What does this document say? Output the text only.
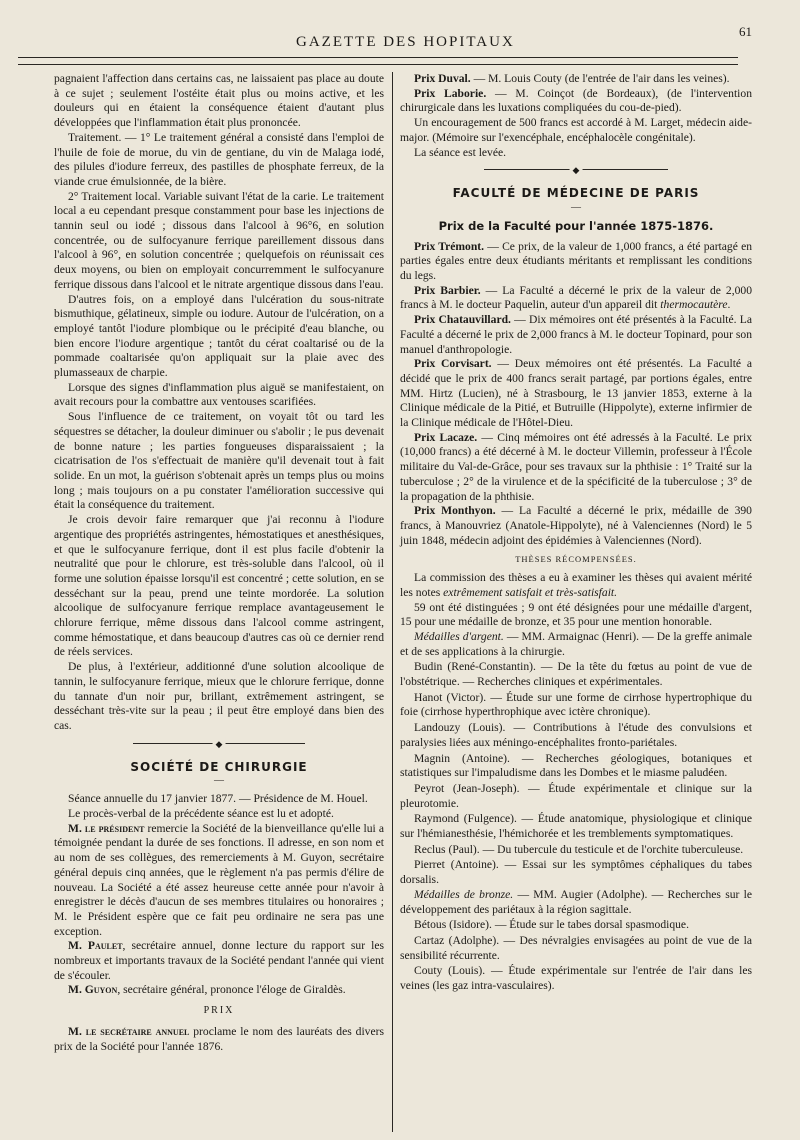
GAZETTE DES HOPITAUX
61

pagnaient l'affection dans certains cas, ne laissaient pas place au doute à ce sujet ; seulement l'ostéite était plus ou moins active, et les douleurs qui en étaient la conséquence étaient d'autant plus développées que l'inflammation était plus prononcée.

Traitement. — 1° Le traitement général a consisté dans l'emploi de l'huile de foie de morue, du vin de gentiane, du vin de Malaga iodé, des pilules d'iodure ferreux, des pastilles de phosphate ferreux, de la viande crue émulsionnée, de la bière.

2° Traitement local. Variable suivant l'état de la carie. Le traitement local a eu cependant presque constamment pour base les injections de tannin seul ou iodé ; dissous dans l'alcool à 96°6, en solution concentrée, ou de sulfocyanure ferrique pareillement dissous dans l'alcool à 96°, en solution concentrée ; quelquefois on réunissait ces deux moyens, ou bien on employait concurremment le sulfocyanure ferrique dissous dans l'alcool et le nitrate argentique dissous dans l'eau.

D'autres fois, on a employé dans l'ulcération du sous-nitrate bismuthique, gélatineux, simple ou iodure. Autour de l'ulcération, on a employé tantôt l'iodure plombique ou le précipité d'eau blanche, ou bien encore l'iodure argentique ; tantôt du cérat coaltarisé ou de la pommade coaltarisée qu'on appliquait sur la plaie avec des plumasseaux de charpie.

Lorsque des signes d'inflammation plus aiguë se manifestaient, on avait recours pour la combattre aux ventouses scarifiées.

Sous l'influence de ce traitement, on voyait tôt ou tard les séquestres se détacher, la douleur diminuer ou s'abolir ; le pus devenait de bonne nature ; les parties fongueuses disparaissaient ; la cicatrisation de l'os s'effectuait de manière qu'il devenait tout à fait solide. En un mot, la guérison s'obtenait après un temps plus ou moins long ; mais toujours on a pu constater l'amélioration successive qui était la conséquence du traitement.

Je crois devoir faire remarquer que j'ai reconnu à l'iodure argentique des propriétés astringentes, hémostatiques et anesthésiques, et que le sulfocyanure ferrique, dont il est plus facile d'obtenir la neutralité que pour le chlorure, est très-soluble dans l'alcool, où il forme une solution épaisse lorsqu'il est concentré ; cette solution, en se desséchant sur la peau, prend une teinte mordorée. La solution alcoolique de sulfocyanure ferrique remplace avantageusement le chlorure ferrique, même dissous dans l'alcool comme astringent, comme hémostatique, et dans beaucoup d'autres cas où ce dernier rend de réels services.

De plus, à l'extérieur, additionné d'une solution alcoolique de tannin, le sulfocyanure ferrique, mieux que le chlorure ferrique, donne du tannate d'un noir pur, brillant, extrêmement astringent, se desséchant très-vite sur la peau ; il peut être employé dans bien des cas.

◆
SOCIÉTÉ DE CHIRURGIE
—

Séance annuelle du 17 janvier 1877. — Présidence de M. Houel.

Le procès-verbal de la précédente séance est lu et adopté.

M. le président remercie la Société de la bienveillance qu'elle lui a témoignée pendant la durée de ses fonctions. Il adresse, en son nom et au nom de ses collègues, des remerciements à M. Guyon, secrétaire général depuis cinq années, que le règlement n'a pas permis d'élire de nouveau. La Société a été assez heureuse cette année pour n'avoir à enregistrer le décès d'aucun de ses membres titulaires ou honoraires ; M. le Président espère que ce fait peu ordinaire ne sera pas une exception.

M. Paulet, secrétaire annuel, donne lecture du rapport sur les nombreux et importants travaux de la Société pendant l'année qui vient de s'écouler.

M. Guyon, secrétaire général, prononce l'éloge de Giraldès.

PRIX

M. le secrétaire annuel proclame le nom des lauréats des divers prix de la Société pour l'année 1876.

Prix Duval. — M. Louis Couty (de l'entrée de l'air dans les veines).

Prix Laborie. — M. Coinçot (de Bordeaux), (de l'intervention chirurgicale dans les luxations compliquées du cou-de-pied).

Un encouragement de 500 francs est accordé à M. Larget, médecin aide-major. (Mémoire sur l'exencéphale, encéphalocèle congénitale).

La séance est levée.

◆
FACULTÉ DE MÉDECINE DE PARIS
—
Prix de la Faculté pour l'année 1875-1876.

Prix Trémont. — Ce prix, de la valeur de 1,000 francs, a été partagé en parties égales entre deux étudiants méritants et remplissant les conditions du legs.

Prix Barbier. — La Faculté a décerné le prix de la valeur de 2,000 francs à M. le docteur Paquelin, auteur d'un appareil dit thermocautère.

Prix Chatauvillard. — Dix mémoires ont été présentés à la Faculté. La Faculté a décerné le prix de 2,000 francs à M. le docteur Topinard, pour son manuel d'anthropologie.

Prix Corvisart. — Deux mémoires ont été présentés. La Faculté a décidé que le prix de 400 francs serait partagé, par portions égales, entre MM. Hirtz (Lucien), né à Strasbourg, le 13 janvier 1853, externe à la Clinique médicale de la Pitié, et Butruille (Hippolyte), externe infirmier de la Clinique médicale de l'Hôtel-Dieu.

Prix Lacaze. — Cinq mémoires ont été adressés à la Faculté. Le prix (10,000 francs) a été décerné à M. le docteur Villemin, professeur à l'École militaire du Val-de-Grâce, pour ses travaux sur la phthisie : 1° Traité sur la tuberculose ; 2° de la virulence et de la spécificité de la tuberculose ; 3° de la propagation de la phthisie.

Prix Monthyon. — La Faculté a décerné le prix, médaille de 390 francs, à Manouvriez (Anatole-Hippolyte), né à Valenciennes (Nord) le 5 juin 1848, médecin adjoint des épidémies à Valenciennes (Nord).

THÈSES RÉCOMPENSÉES.

La commission des thèses a eu à examiner les thèses qui avaient mérité les notes extrêmement satisfait et très-satisfait.

59 ont été distinguées ; 9 ont été désignées pour une médaille d'argent, 15 pour une médaille de bronze, et 35 pour une mention honorable.

Médailles d'argent. — MM. Armaignac (Henri). — De la greffe animale et de ses applications à la chirurgie.

Budin (René-Constantin). — De la tête du fœtus au point de vue de l'obstétrique. — Recherches cliniques et expérimentales.

Hanot (Victor). — Étude sur une forme de cirrhose hypertrophique du foie (cirrhose hyperthrophique avec ictère chronique).

Landouzy (Louis). — Contributions à l'étude des convulsions et paralysies liées aux méningo-encéphalites fronto-pariétales.

Magnin (Antoine). — Recherches géologiques, botaniques et statistiques sur l'impaludisme dans les Dombes et le miasme paludéen.

Peyrot (Jean-Joseph). — Étude expérimentale et clinique sur la pleurotomie.

Raymond (Fulgence). — Étude anatomique, physiologique et clinique sur l'hémianesthésie, l'hémichorée et les tremblements symptomatiques.

Reclus (Paul). — Du tubercule du testicule et de l'orchite tuberculeuse.

Pierret (Antoine). — Essai sur les symptômes céphaliques du tabes dorsalis.

Médailles de bronze. — MM. Augier (Adolphe). — Recherches sur le développement des pariétaux à la région sagittale.

Bétous (Isidore). — Étude sur le tabes dorsal spasmodique.

Cartaz (Adolphe). — Des névralgies envisagées au point de vue de la sensibilité récurrente.

Couty (Louis). — Étude expérimentale sur l'entrée de l'air dans les veines (les gaz intra-vasculaires).
